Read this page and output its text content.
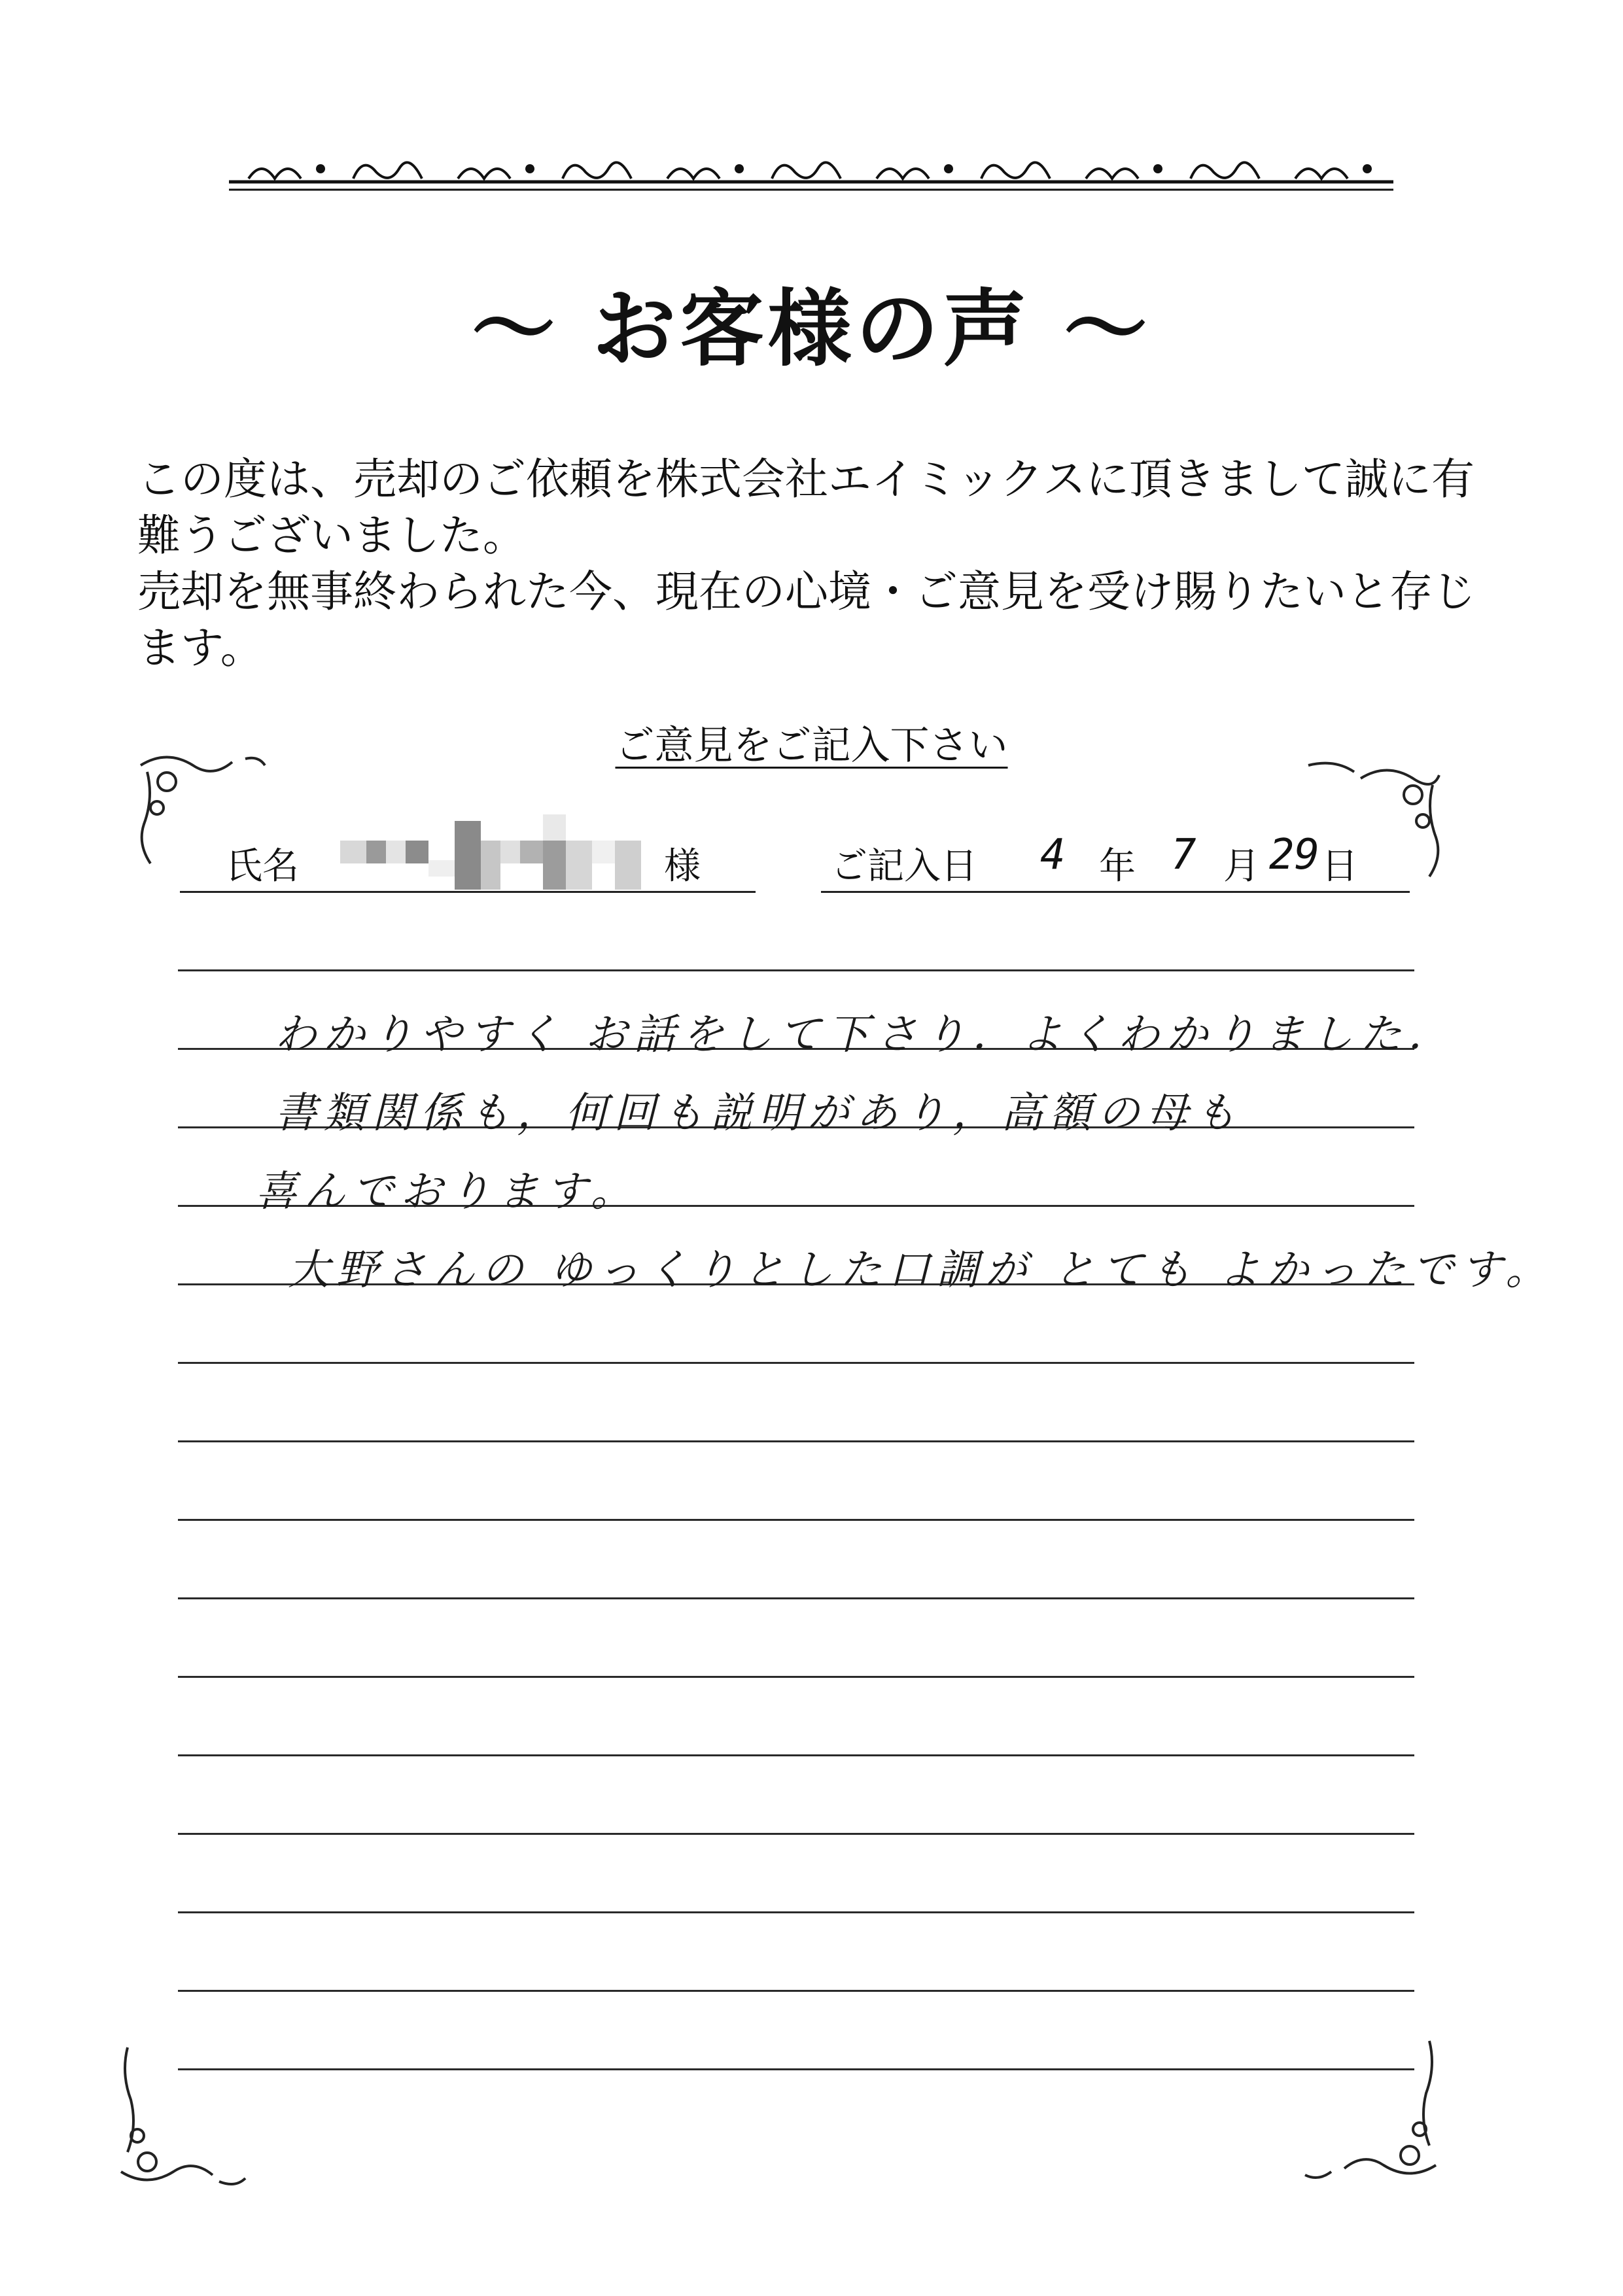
～ お客様の声 ～

この度は、売却のご依頼を株式会社エイミックスに頂きまして誠に有難うございました。

売却を無事終わられた今、現在の心境・ご意見を受け賜りたいと存じます。

ご意見をご記入下さい
氏名	様	ご記入日 4 年 7 月 29 日
わかりやすく お話をして下さり．よくわかりました．
書類関係も，何回も説明があり，高額の母も
喜んでおります。
大野さんの ゆっくりとした口調が とても よかったです。
